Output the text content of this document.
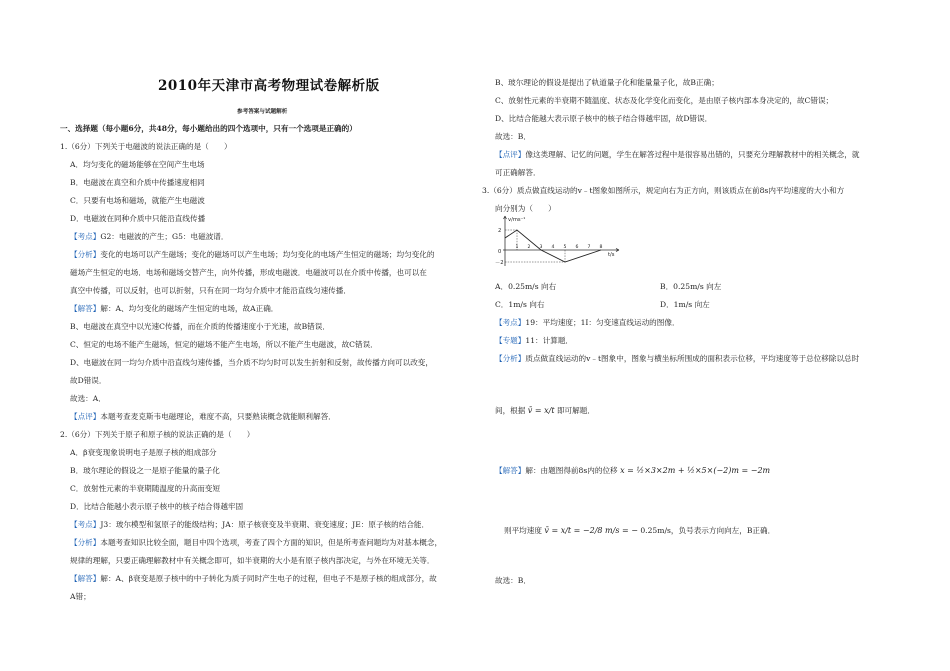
2010年天津市高考物理试卷解析版
参考答案与试题解析
一、选择题（每小题6分，共48分，每小题给出的四个选项中，只有一个选项是正确的）
1.（6分）下列关于电磁波的说法正确的是（　　）
A．均匀变化的磁场能够在空间产生电场
B．电磁波在真空和介质中传播速度相同
C．只要有电场和磁场，就能产生电磁波
D．电磁波在同种介质中只能沿直线传播
【考点】G2：电磁波的产生；G5：电磁波谱．
【分析】变化的电场可以产生磁场；变化的磁场可以产生电场；均匀变化的电场产生恒定的磁场；均匀变化的
磁场产生恒定的电场．电场和磁场交替产生，向外传播，形成电磁波．电磁波可以在介质中传播，也可以在
真空中传播，可以反射，也可以折射，只有在同一均匀介质中才能沿直线匀速传播．
【解答】解：A、均匀变化的磁场产生恒定的电场，故A正确．
B、电磁波在真空中以光速C传播，而在介质的传播速度小于光速，故B错误．
C、恒定的电场不能产生磁场，恒定的磁场不能产生电场，所以不能产生电磁波，故C错误．
D、电磁波在同一均匀介质中沿直线匀速传播，当介质不均匀时可以发生折射和反射，故传播方向可以改变，
故D错误．
故选：A．
【点评】本题考查麦克斯韦电磁理论，难度不高，只要熟读概念就能顺利解答．
2.（6分）下列关于原子和原子核的说法正确的是（　　）
A．β衰变现象说明电子是原子核的组成部分
B．玻尔理论的假设之一是原子能量的量子化
C．放射性元素的半衰期随温度的升高而变短
D．比结合能越小表示原子核中的核子结合得越牢固
【考点】J3：玻尔模型和氢原子的能级结构；JA：原子核衰变及半衰期、衰变速度；JE：原子核的结合能．
【分析】本题考查知识比较全面，题目中四个选项，考查了四个方面的知识，但是所考查问题均为对基本概念，
规律的理解，只要正确理解教材中有关概念即可，如半衰期的大小是有原子核内部决定，与外在环境无关等．
【解答】解：A、β衰变是原子核中的中子转化为质子同时产生电子的过程，但电子不是原子核的组成部分，故
A错；
B、玻尔理论的假设是提出了轨道量子化和能量量子化，故B正确；
C、放射性元素的半衰期不随温度、状态及化学变化而变化，是由原子核内部本身决定的，故C错误；
D、比结合能越大表示原子核中的核子结合得越牢固，故D错误．
故选：B．
【点评】像这类理解、记忆的问题，学生在解答过程中是很容易出错的，只要充分理解教材中的相关概念，就
可正确解答．
3.（6分）质点做直线运动的v﹣t图象如图所示，规定向右为正方向，则该质点在前8s内平均速度的大小和方
向分别为（　　）
v/ms⁻¹
2
0
－2
1 2 3 4 5 6 7 8
t/s
A．0.25m/s 向右	B．0.25m/s 向左
C．1m/s 向右	D．1m/s 向左
【考点】19：平均速度；1I：匀变速直线运动的图像．
【专题】11：计算题．
【分析】质点做直线运动的v﹣t图象中，图象与横坐标所围成的面积表示位移，平均速度等于总位移除以总时
间，根据 v̄ = x/t 即可解题．
【解答】解：由题图得前8s内的位移 x = ½×3×2m + ½×5×(−2)m = −2m
则平均速度 v̄ = x/t = −2/8 m/s = − 0.25m/s，负号表示方向向左，B正确．
故选：B．
